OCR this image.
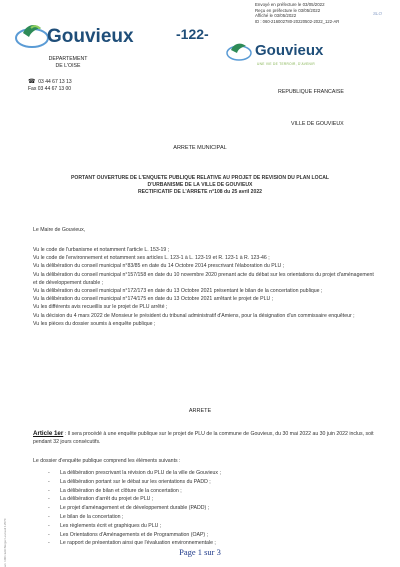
Envoyé en préfecture le 03/05/2022
Reçu en préfecture le 03/05/2022
Affiché le 03/05/2022	SLO
ID : 060-216002780-20220502-2022_122-AR
Gouvieux	-122-
Gouvieux
UNE VIE DE TERROIR, D'AVENIR
DEPARTEMENT
DE L'OISE
☎ 03 44 67 13 13
Fax 03 44 67 13 00	REPUBLIQUE FRANCAISE
VILLE DE GOUVIEUX
ARRETE MUNICIPAL
PORTANT OUVERTURE DE L'ENQUETE PUBLIQUE RELATIVE AU PROJET DE REVISION DU PLAN LOCAL
D'URBANISME DE LA VILLE DE GOUVIEUX
RECTIFICATIF DE L'ARRETE n°108 du 25 avril 2022
Le Maire de Gouvieux,
Vu le code de l'urbanisme et notamment l'article L. 153-19 ;
Vu le code de l'environnement et notamment ses articles L. 123-1 à L. 123-19 et R. 123-1 à R. 123-46 ;
Vu la délibération du conseil municipal n°83/85 en date du 14 Octobre 2014 prescrivant l'élaboration du PLU ;
Vu la délibération du conseil municipal n°157/158 en date du 10 novembre 2020 prenant acte du débat sur les orientations du projet d'aménagement et de développement durable ;
Vu la délibération du conseil municipal n°172/173 en date du 13 Octobre 2021 présentant le bilan de la concertation publique ;
Vu la délibération du conseil municipal n°174/175 en date du 13 Octobre 2021 arrêtant le projet de PLU ;
Vu les différents avis recueillis sur le projet de PLU arrêté ;
Vu la décision du 4 mars 2022 de Monsieur le président du tribunal administratif d'Amiens, pour la désignation d'un commissaire enquêteur ;
Vu les pièces du dossier soumis à enquête publique ;
ARRETE
Article 1er : Il sera procédé à une enquête publique sur le projet de PLU de la commune de Gouvieux, du 30 mai 2022 au 30 juin 2022 inclus, soit pendant 32 jours consécutifs.
Le dossier d'enquête publique comprend les éléments suivants :
- La délibération prescrivant la révision du PLU de la ville de Gouvieux ;
- La délibération portant sur le débat sur les orientations du PADD ;
- La délibération de bilan et clôture de la concertation ;
- La délibération d'arrêt du projet de PLU ;
- Le projet d'aménagement et de développement durable (PADD) ;
- Le bilan de la concertation ;
- Les règlements écrit et graphiques du PLU ;
- Les Orientations d'Aménagements et de Programmation (OAP) ;
- Le rapport de présentation ainsi que l'évaluation environnementale ;
Page 1 sur 3
art. 1001 Edit Berger Levrault 13570
